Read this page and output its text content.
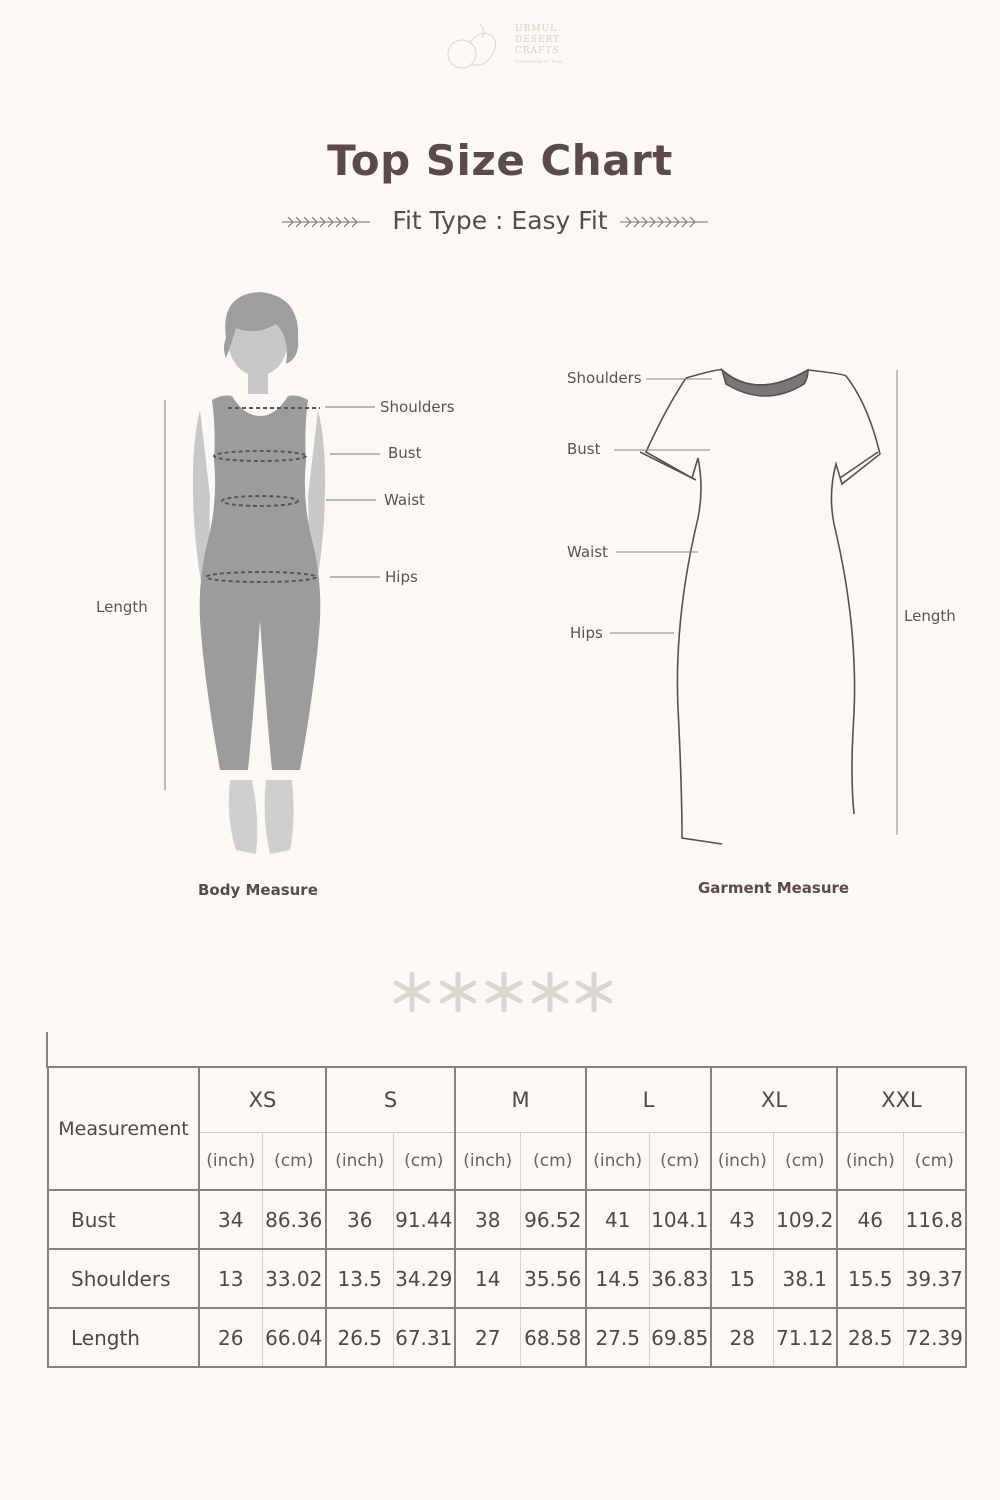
URMUL
DESERT
CRAFTS
Handmade in Thar
Top Size Chart
Fit Type : Easy Fit
Shoulders
Bust
Waist
Hips
Length
Body Measure
Shoulders
Bust
Waist
Hips
Length
Garment Measure
Measurement	XS		S		M		L		XL		XXL	
	(inch)	(cm)	(inch)	(cm)	(inch)	(cm)	(inch)	(cm)	(inch)	(cm)	(inch)	(cm)
Bust	34	86.36	36	91.44	38	96.52	41	104.1	43	109.2	46	116.8
Shoulders	13	33.02	13.5	34.29	14	35.56	14.5	36.83	15	38.1	15.5	39.37
Length	26	66.04	26.5	67.31	27	68.58	27.5	69.85	28	71.12	28.5	72.39
